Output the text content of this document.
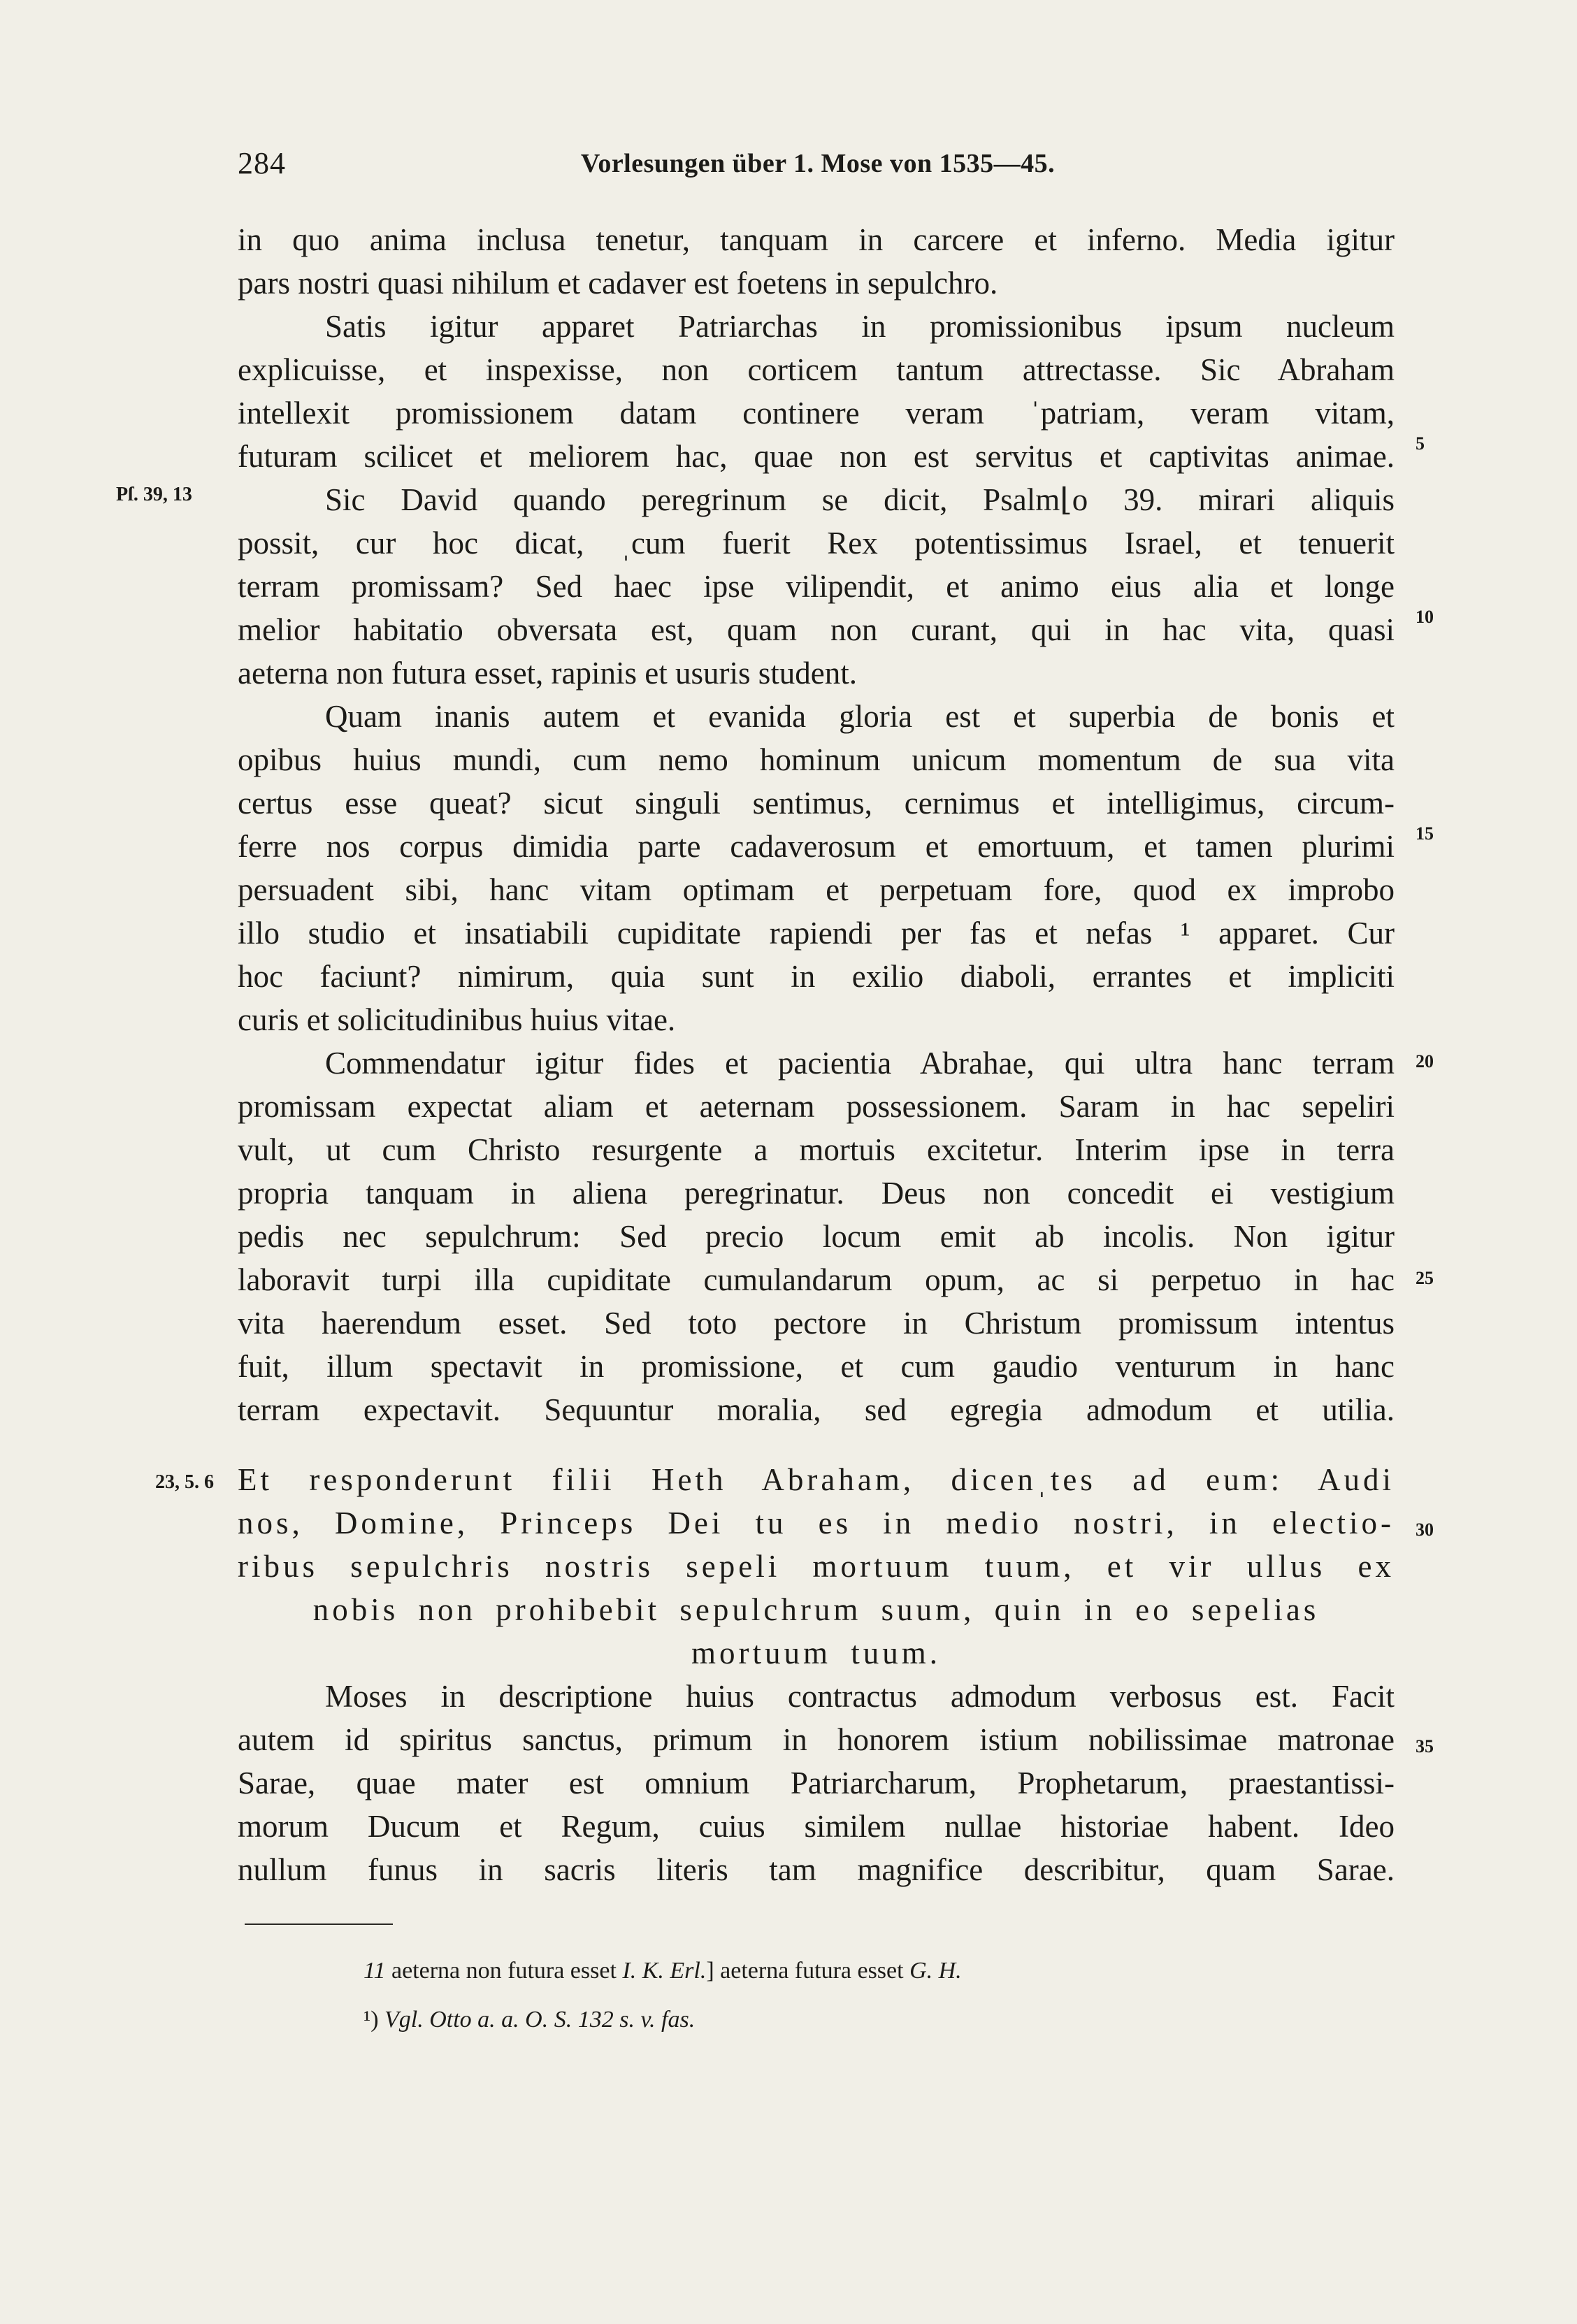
284	Vorlesungen über 1. Mose von 1535—45.
Pſ. 39, 13
23, 5. 6
5
10
15
20
25
30
35
in quo anima inclusa tenetur, tanquam in carcere et inferno. Media igitur
pars nostri quasi nihilum et cadaver est foetens in sepulchro.
Satis igitur apparet Patriarchas in promissionibus ipsum nucleum
explicuisse, et inspexisse, non corticem tantum attrectasse. Sic Abraham
intellexit promissionem datam continere veram ˈpatriam, veram vitam,
futuram scilicet et meliorem hac, quae non est servitus et captivitas animae.
Sic David quando peregrinum se dicit, Psalm⌊o 39. mirari aliquis
possit, cur hoc dicat, ˌcum fuerit Rex potentissimus Israel, et tenuerit
terram promissam? Sed haec ipse vilipendit, et animo eius alia et longe
melior habitatio obversata est, quam non curant, qui in hac vita, quasi
aeterna non futura esset, rapinis et usuris student.
Quam inanis autem et evanida gloria est et superbia de bonis et
opibus huius mundi, cum nemo hominum unicum momentum de sua vita
certus esse queat? sicut singuli sentimus, cernimus et intelligimus, circum-
ferre nos corpus dimidia parte cadaverosum et emortuum, et tamen plurimi
persuadent sibi, hanc vitam optimam et perpetuam fore, quod ex improbo
illo studio et insatiabili cupiditate rapiendi per fas et nefas ¹ apparet. Cur
hoc faciunt? nimirum, quia sunt in exilio diaboli, errantes et impliciti
curis et solicitudinibus huius vitae.
Commendatur igitur fides et pacientia Abrahae, qui ultra hanc terram
promissam expectat aliam et aeternam possessionem. Saram in hac sepeliri
vult, ut cum Christo resurgente a mortuis excitetur. Interim ipse in terra
propria tanquam in aliena peregrinatur. Deus non concedit ei vestigium
pedis nec sepulchrum: Sed precio locum emit ab incolis. Non igitur
laboravit turpi illa cupiditate cumulandarum opum, ac si perpetuo in hac
vita haerendum esset. Sed toto pectore in Christum promissum intentus
fuit, illum spectavit in promissione, et cum gaudio venturum in hanc
terram expectavit. Sequuntur moralia, sed egregia admodum et utilia.
Et responderunt filii Heth Abraham, dicenˌtes ad eum: Audi
nos, Domine, Princeps Dei tu es in medio nostri, in electio-
ribus sepulchris nostris sepeli mortuum tuum, et vir ullus ex
nobis non prohibebit sepulchrum suum, quin in eo sepelias
mortuum tuum.
Moses in descriptione huius contractus admodum verbosus est. Facit
autem id spiritus sanctus, primum in honorem istium nobilissimae matronae
Sarae, quae mater est omnium Patriarcharum, Prophetarum, praestantissi-
morum Ducum et Regum, cuius similem nullae historiae habent. Ideo
nullum funus in sacris literis tam magnifice describitur, quam Sarae.
11 aeterna non futura esset I. K. Erl.] aeterna futura esset G. H.
¹) Vgl. Otto a. a. O. S. 132 s. v. fas.
